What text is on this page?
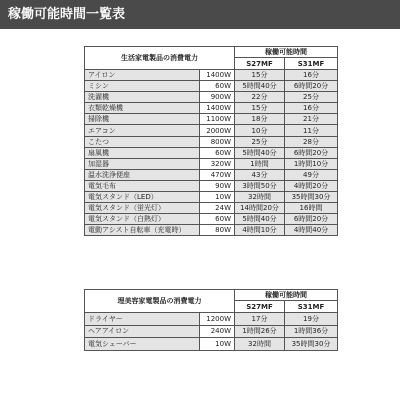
稼働可能時間一覧表
生活家電製品の消費電力		稼働可能時間	
		S27MF	S31MF
アイロン	1400W	15分	16分
ミシン	60W	5時間40分	6時間20分
洗濯機	900W	22分	25分
衣類乾燥機	1400W	15分	16分
掃除機	1100W	18分	21分
エアコン	2000W	10分	11分
こたつ	800W	25分	28分
扇風機	60W	5時間40分	6時間20分
加湿器	320W	1時間	1時間10分
温水洗浄便座	470W	43分	49分
電気毛布	90W	3時間50分	4時間20分
電気スタンド（LED）	10W	32時間	35時間30分
電気スタンド（蛍光灯）	24W	14時間20分	16時間
電気スタンド（白熱灯）	60W	5時間40分	6時間20分
電動アシスト自転車（充電時）	80W	4時間10分	4時間40分
理美容家電製品の消費電力		稼働可能時間	
		S27MF	S31MF
ドライヤー	1200W	17分	19分
ヘアアイロン	240W	1時間26分	1時間36分
電気シェーバー	10W	32時間	35時間30分
